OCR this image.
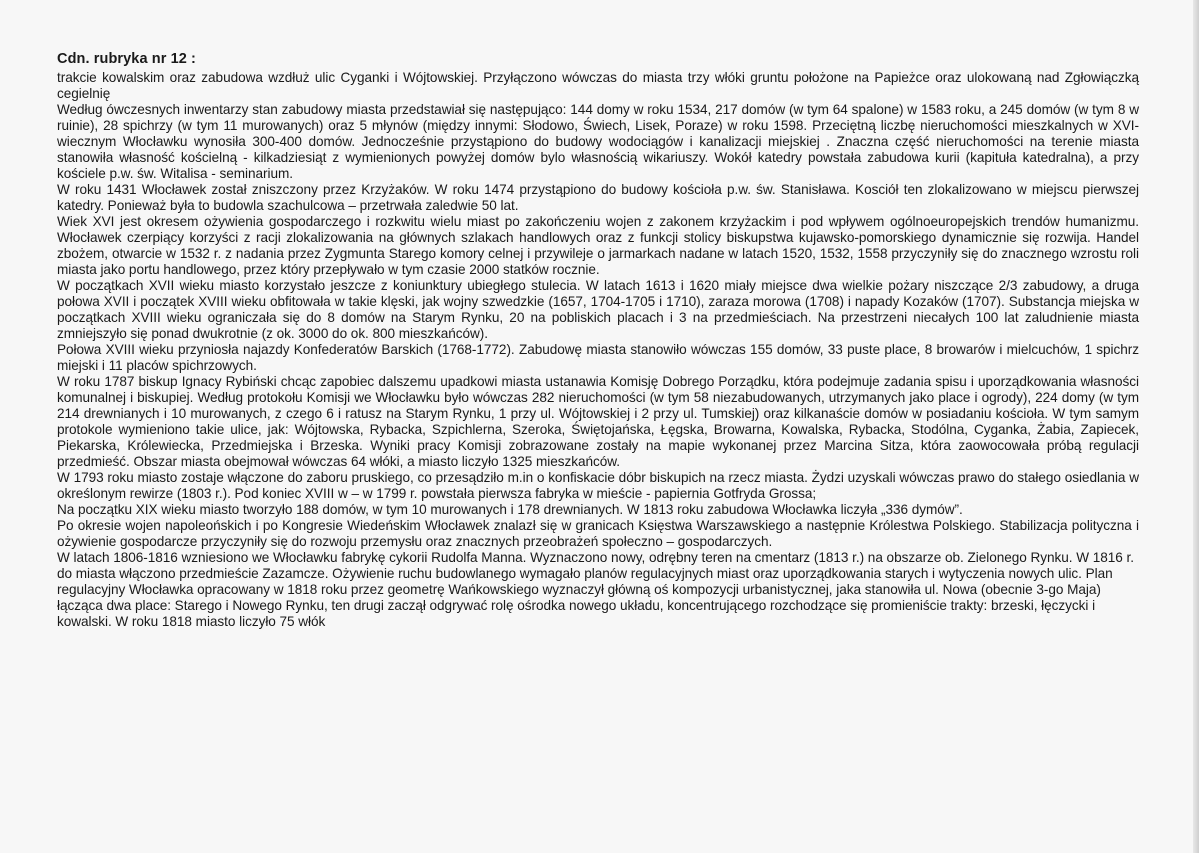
Cdn. rubryka nr 12 :

trakcie kowalskim oraz zabudowa wzdłuż ulic Cyganki i Wójtowskiej. Przyłączono wówczas do miasta trzy włóki gruntu położone na Papieżce oraz ulokowaną nad Zgłowiączką cegielnię

Według ówczesnych inwentarzy stan zabudowy miasta przedstawiał się następująco: 144 domy w roku 1534, 217 domów (w tym 64 spalone) w 1583 roku, a 245 domów (w tym 8 w ruinie), 28 spichrzy (w tym 11 murowanych) oraz 5 młynów (między innymi: Słodowo, Świech, Lisek, Poraze) w roku 1598. Przeciętną liczbę nieruchomości mieszkalnych w XVI-wiecznym Włocławku wynosiła 300-400 domów. Jednocześnie przystąpiono do budowy wodociągów i kanalizacji miejskiej . Znaczna część nieruchomości na terenie miasta stanowiła własność kościelną - kilkadziesiąt z wymienionych powyżej domów bylo własnością wikariuszy. Wokół katedry powstała zabudowa kurii (kapituła katedralna), a przy kościele p.w. św. Witalisa - seminarium.

W roku 1431 Włocławek został zniszczony przez Krzyżaków. W roku 1474 przystąpiono do budowy kościoła p.w. św. Stanisława. Kosciół ten zlokalizowano w miejscu pierwszej katedry. Ponieważ była to budowla szachulcowa – przetrwała zaledwie 50 lat.

Wiek XVI jest okresem ożywienia gospodarczego i rozkwitu wielu miast po zakończeniu wojen z zakonem krzyżackim i pod wpływem ogólnoeuropejskich trendów humanizmu. Włocławek czerpiący korzyści z racji zlokalizowania na głównych szlakach handlowych oraz z funkcji stolicy biskupstwa kujawsko-pomorskiego dynamicznie się rozwija. Handel zbożem, otwarcie w 1532 r. z nadania przez Zygmunta Starego komory celnej i przywileje o jarmarkach nadane w latach 1520, 1532, 1558 przyczyniły się do znacznego wzrostu roli miasta jako portu handlowego, przez który przepływało w tym czasie 2000 statków rocznie.

W początkach XVII wieku miasto korzystało jeszcze z koniunktury ubiegłego stulecia. W latach 1613 i 1620 miały miejsce dwa wielkie pożary niszczące 2/3 zabudowy, a druga połowa XVII i początek XVIII wieku obfitowała w takie klęski, jak wojny szwedzkie (1657, 1704-1705 i 1710), zaraza morowa (1708) i napady Kozaków (1707). Substancja miejska w początkach XVIII wieku ograniczała się do 8 domów na Starym Rynku, 20 na pobliskich placach i 3 na przedmieściach. Na przestrzeni niecałych 100 lat zaludnienie miasta zmniejszyło się ponad dwukrotnie (z ok. 3000 do ok. 800 mieszkańców).

Połowa XVIII wieku przyniosła najazdy Konfederatów Barskich (1768-1772). Zabudowę miasta stanowiło wówczas 155 domów, 33 puste place, 8 browarów i mielcuchów, 1 spichrz miejski i 11 placów spichrzowych.

W roku 1787 biskup Ignacy Rybiński chcąc zapobiec dalszemu upadkowi miasta ustanawia Komisję Dobrego Porządku, która podejmuje zadania spisu i uporządkowania własności komunalnej i biskupiej. Według protokołu Komisji we Włocławku było wówczas 282 nieruchomości (w tym 58 niezabudowanych, utrzymanych jako place i ogrody), 224 domy (w tym 214 drewnianych i 10 murowanych, z czego 6 i ratusz na Starym Rynku, 1 przy ul. Wójtowskiej i 2 przy ul. Tumskiej) oraz kilkanaście domów w posiadaniu kościoła. W tym samym protokole wymieniono takie ulice, jak: Wójtowska, Rybacka, Szpichlerna, Szeroka, Świętojańska, Łęgska, Browarna, Kowalska, Rybacka, Stodólna, Cyganka, Żabia, Zapiecek, Piekarska, Królewiecka, Przedmiejska i Brzeska. Wyniki pracy Komisji zobrazowane zostały na mapie wykonanej przez Marcina Sitza, która zaowocowała próbą regulacji przedmieść. Obszar miasta obejmował wówczas 64 włóki, a miasto liczyło 1325 mieszkańców.

W 1793 roku miasto zostaje włączone do zaboru pruskiego, co przesądziło m.in o konfiskacie dóbr biskupich na rzecz miasta. Żydzi uzyskali wówczas prawo do stałego osiedlania w określonym rewirze (1803 r.). Pod koniec XVIII w – w 1799 r. powstała pierwsza fabryka w mieście - papiernia Gotfryda Grossa;

Na początku XIX wieku miasto tworzyło 188 domów, w tym 10 murowanych i 178 drewnianych. W 1813 roku zabudowa Włocławka liczyła „336 dymów”.

Po okresie wojen napoleońskich i po Kongresie Wiedeńskim Włocławek znalazł się w granicach Księstwa Warszawskiego a następnie Królestwa Polskiego. Stabilizacja polityczna i ożywienie gospodarcze przyczyniły się do rozwoju przemysłu oraz znacznych przeobrażeń społeczno – gospodarczych.

W latach 1806-1816 wzniesiono we Włocławku fabrykę cykorii Rudolfa Manna. Wyznaczono nowy, odrębny teren na cmentarz (1813 r.) na obszarze ob. Zielonego Rynku. W 1816 r. do miasta włączono przedmieście Zazamcze. Ożywienie ruchu budowlanego wymagało planów regulacyjnych miast oraz uporządkowania starych i wytyczenia nowych ulic. Plan regulacyjny Włocławka opracowany w 1818 roku przez geometrę Wańkowskiego wyznaczył główną oś kompozycji urbanistycznej, jaka stanowiła ul. Nowa (obecnie 3-go Maja) łącząca dwa place: Starego i Nowego Rynku, ten drugi zaczął odgrywać rolę ośrodka nowego układu, koncentrującego rozchodzące się promieniście trakty: brzeski, łęczycki i kowalski. W roku 1818 miasto liczyło 75 włók
